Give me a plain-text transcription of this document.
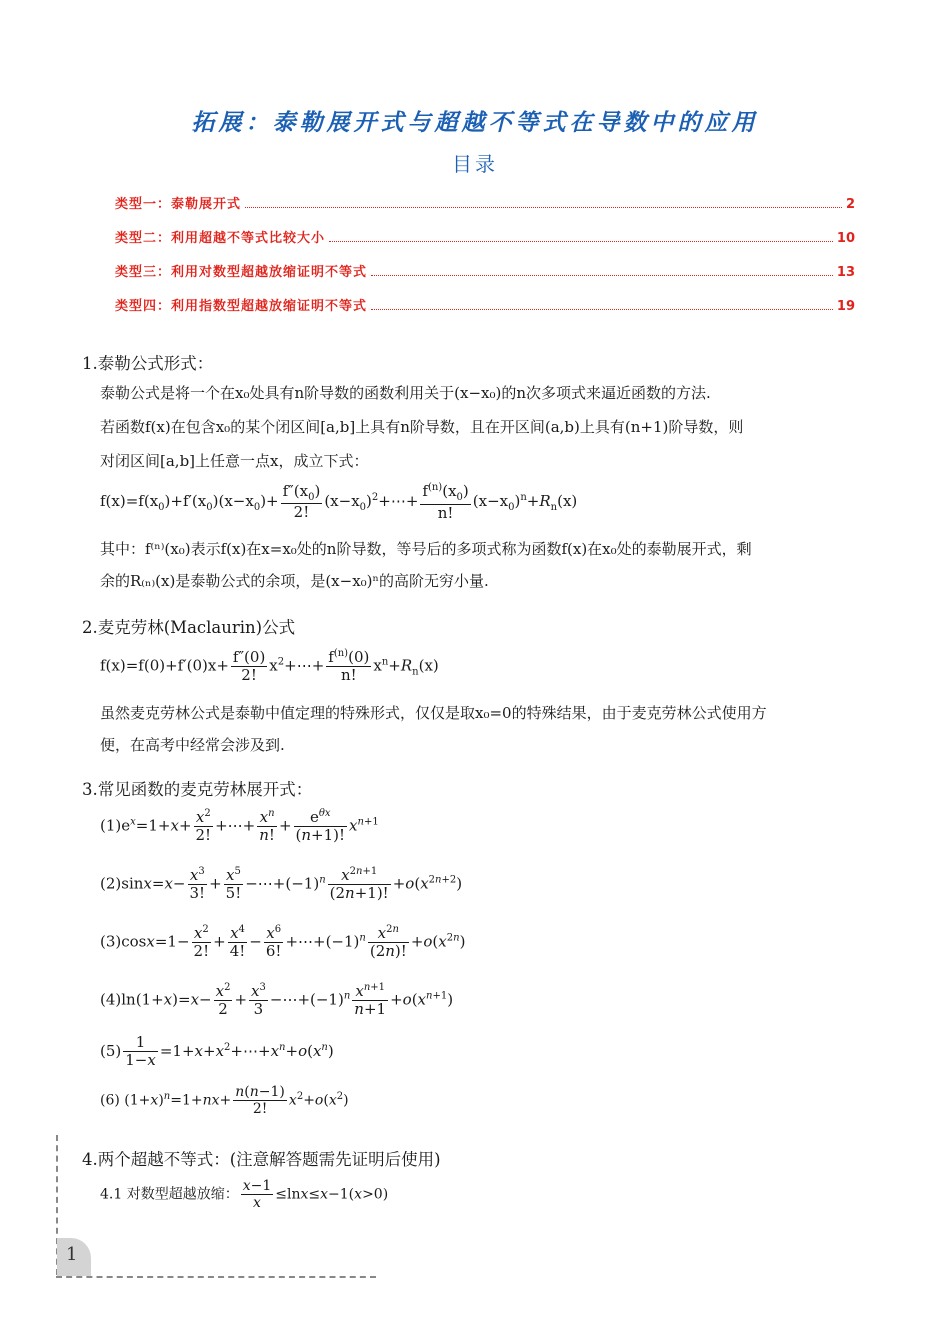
拓展：泰勒展开式与超越不等式在导数中的应用
目录
类型一：泰勒展开式	2
类型二：利用超越不等式比较大小	10
类型三：利用对数型超越放缩证明不等式	13
类型四：利用指数型超越放缩证明不等式	19
1.泰勒公式形式：
泰勒公式是将一个在x₀处具有n阶导数的函数利用关于(x−x₀)的n次多项式来逼近函数的方法.
若函数f(x)在包含x₀的某个闭区间[a,b]上具有n阶导数，且在开区间(a,b)上具有(n+1)阶导数，则
对闭区间[a,b]上任意一点x，成立下式：
$f(x)=f(x_0)+f'(x_0)(x-x_0)+ \frac{f''(x_0)}{2!}$ $(x-x_0)^2+\cdots+ \frac{f^{(n)}(x_0)}{n!} (x-x_0)^n+R_n(x)$
其中：f⁽ⁿ⁾(x₀)表示f(x)在x=x₀处的n阶导数，等号后的多项式称为函数f(x)在x₀处的泰勒展开式，剩
余的R₍ₙ₎(x)是泰勒公式的余项，是(x−x₀)ⁿ的高阶无穷小量.
2.麦克劳林(Maclaurin)公式
$f(x)=f(0)+f'(0)x+ \frac{f''(0)}{2!}$ $x^2+\cdots+ \frac{f^{(n)}(0)}{n!} x^n+R_n(x)$
虽然麦克劳林公式是泰勒中值定理的特殊形式，仅仅是取x₀=0的特殊结果，由于麦克劳林公式使用方
便，在高考中经常会涉及到.
3.常见函数的麦克劳林展开式：
$(1)e^x=1+x+ \frac{x^2}{2!}$ +⋯+ $\frac{x^n}{n!}$ +	$e^{\theta x}$
(n+1)!
$x^{n+1}$
$(2)\sin x=x- \frac{x^3}{3!} + \frac{x^5}{5!}$ $-\cdots+(-1)^n \frac{x^{2n+1}}{(2n+1)!} +o(x^{2n+2})$
$(3)\cos x=1- \frac{x^2}{2!} + \frac{x^4}{4!} - \frac{x^6}{6!}$ $+\cdots+(-1)^n \frac{x^{2n}}{(2n)!} +o(x^{2n})$
$(4)\ln(1+x)=x- \frac{x^2}{2} + \frac{x^3}{3}$ $-\cdots+(-1)^n \frac{x^{n+1}}{n+1} +o(x^{n+1})$
$(5) \frac{1}{1-x}$ $=1+x+x^2+\cdots+x^n+o(x^n)$
(6) $(1+x)^n=1+nx+ \frac{n(n-1)}{2!} x^2+o(x^2)$
4.两个超越不等式：(注意解答题需先证明后使用)
4.1 对数型超越放缩： $\frac{x-1}{x} \le\ln x\le x-1(x>0)$
1
